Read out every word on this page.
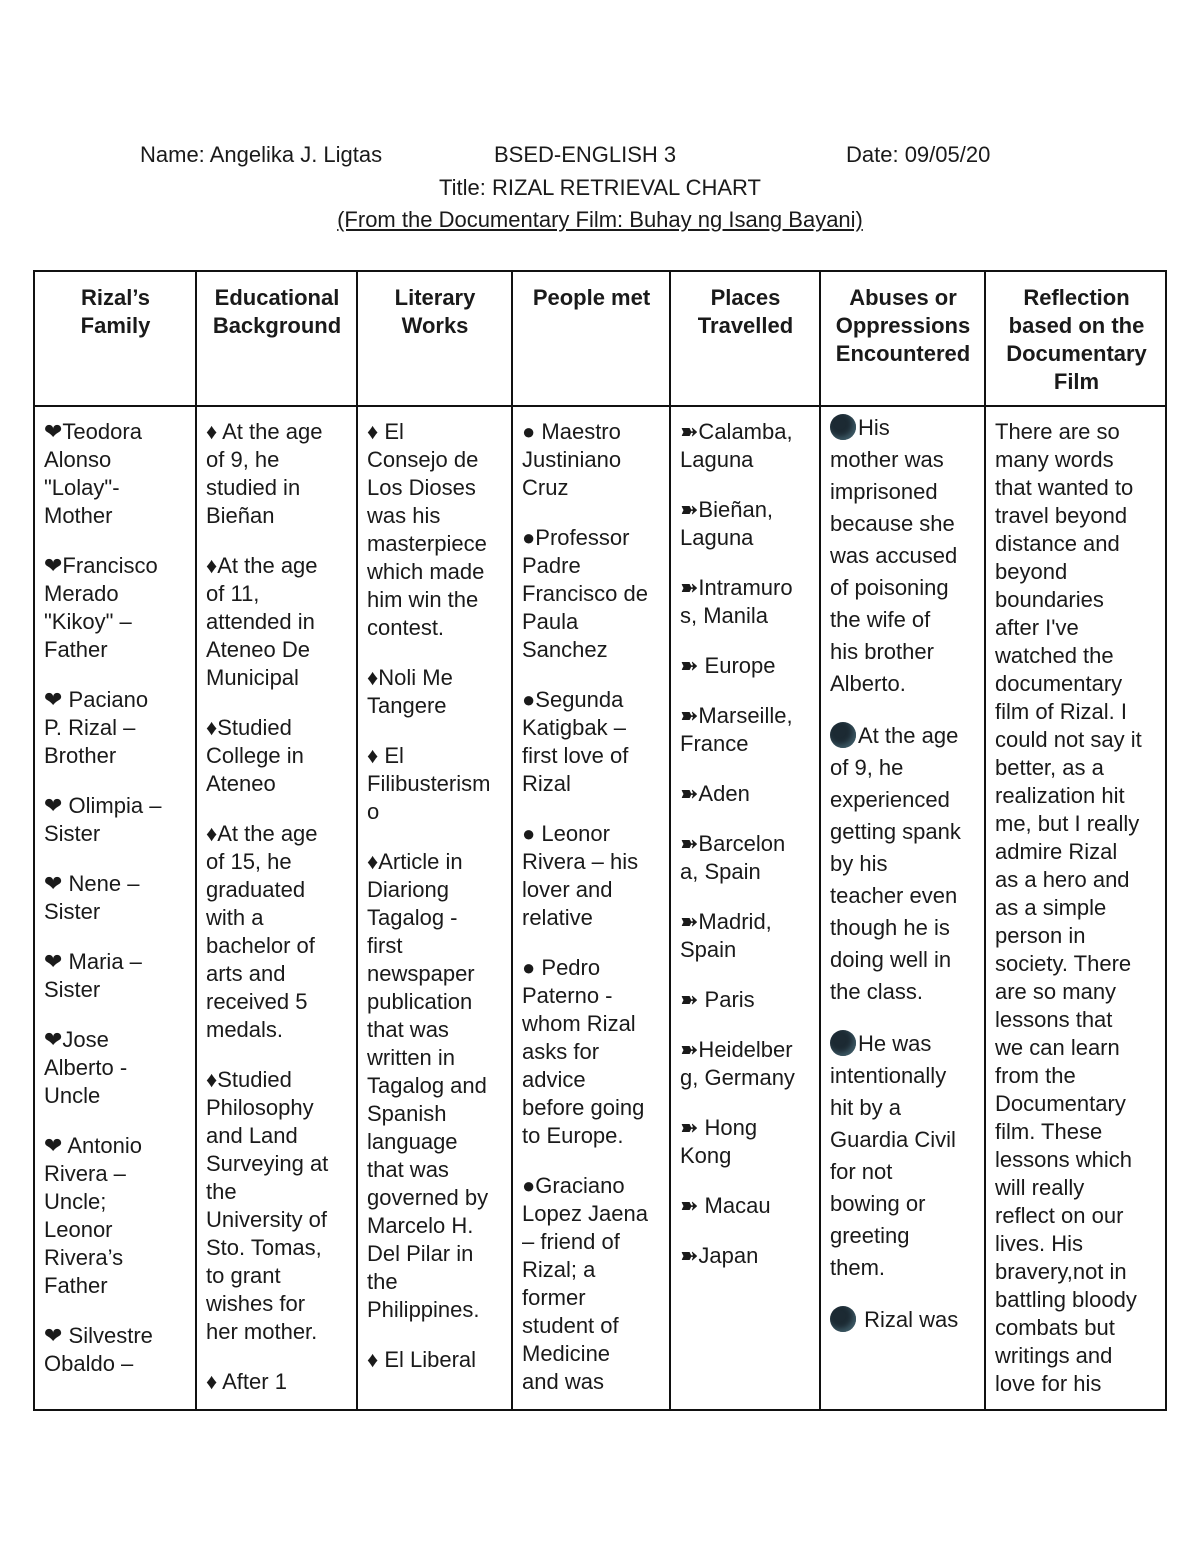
Name: Angelika J. Ligtas	BSED-ENGLISH 3	Date: 09/05/20
Title: RIZAL RETRIEVAL CHART
(From the Documentary Film: Buhay ng Isang Bayani)
Rizal’s
Family
❤Teodora
Alonso
"Lolay"-
Mother
❤Francisco
Merado
"Kikoy" –
Father
❤ Paciano
P. Rizal –
Brother
❤ Olimpia –
Sister
❤ Nene –
Sister
❤ Maria –
Sister
❤Jose
Alberto -
Uncle
❤ Antonio
Rivera –
Uncle;
Leonor
Rivera’s
Father
❤ Silvestre
Obaldo –
Educational
Background
♦ At the age
of 9, he
studied in
Bieñan
♦At the age
of 11,
attended in
Ateneo De
Municipal
♦Studied
College in
Ateneo
♦At the age
of 15, he
graduated
with a
bachelor of
arts and
received 5
medals.
♦Studied
Philosophy
and Land
Surveying at
the
University of
Sto. Tomas,
to grant
wishes for
her mother.
♦ After 1
Literary
Works
♦ El
Consejo de
Los Dioses
was his
masterpiece
which made
him win the
contest.
♦Noli Me
Tangere
♦ El
Filibusterism
o
♦Article in
Diariong
Tagalog -
first
newspaper
publication
that was
written in
Tagalog and
Spanish
language
that was
governed by
Marcelo H.
Del Pilar in
the
Philippines.
♦ El Liberal
People met
● Maestro
Justiniano
Cruz
●Professor
Padre
Francisco de
Paula
Sanchez
●Segunda
Katigbak –
first love of
Rizal
● Leonor
Rivera – his
lover and
relative
● Pedro
Paterno -
whom Rizal
asks for
advice
before going
to Europe.
●Graciano
Lopez Jaena
– friend of
Rizal; a
former
student of
Medicine
and was
Places
Travelled
➽Calamba,
Laguna
➽Bieñan,
Laguna
➽Intramuro
s, Manila
➽ Europe
➽Marseille,
France
➽Aden
➽Barcelon
a, Spain
➽Madrid,
Spain
➽ Paris
➽Heidelber
g, Germany
➽ Hong
Kong
➽ Macau
➽Japan
Abuses or
Oppressions
Encountered
His
mother was
imprisoned
because she
was accused
of poisoning
the wife of
his brother
Alberto.
At the age
of 9, he
experienced
getting spank
by his
teacher even
though he is
doing well in
the class.
He was
intentionally
hit by a
Guardia Civil
for not
bowing or
greeting
them.
Rizal was
Reflection
based on the
Documentary
Film
There are so
many words
that wanted to
travel beyond
distance and
beyond
boundaries
after I've
watched the
documentary
film of Rizal. I
could not say it
better, as a
realization hit
me, but I really
admire Rizal
as a hero and
as a simple
person in
society. There
are so many
lessons that
we can learn
from the
Documentary
film. These
lessons which
will really
reflect on our
lives. His
bravery,not in
battling bloody
combats but
writings and
love for his
